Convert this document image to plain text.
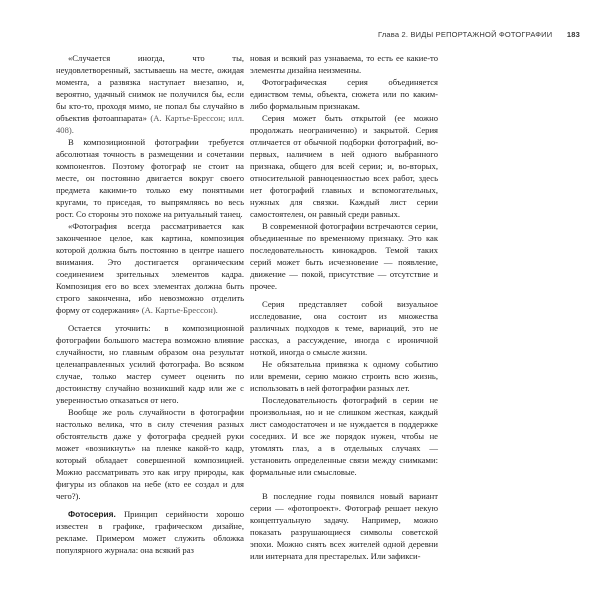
Глава 2. ВИДЫ РЕПОРТАЖНОЙ ФОТОГРАФИИ 183

«Случается иногда, что ты, неудовлетворенный, застываешь на месте, ожидая момента, а развязка наступает внезапно, и, вероятно, удачный снимок не получился бы, если бы кто-то, проходя мимо, не попал бы случайно в объектив фотоаппарата» (А. Картье-Брессон; илл. 408).

В композиционной фотографии требуется абсолютная точность в размещении и сочетании компонентов. Поэтому фотограф не стоит на месте, он постоянно двигается вокруг своего предмета какими-то только ему понятными кругами, то приседая, то выпрямляясь во весь рост. Со стороны это похоже на ритуальный танец.

«Фотография всегда рассматривается как законченное целое, как картина, композиция которой должна быть постоянно в центре нашего внимания. Это достигается органическим соединением зрительных элементов кадра. Композиция его во всех элементах должна быть строго законченна, ибо невозможно отделить форму от содержания» (А. Картье-Брессон).

Остается уточнить: в композиционной фотографии большого мастера возможно влияние случайности, но главным образом она результат целенаправленных усилий фотографа. Во всяком случае, только мастер сумеет оценить по достоинству случайно возникший кадр или же с уверенностью отказаться от него.

Вообще же роль случайности в фотографии настолько велика, что в силу стечения разных обстоятельств даже у фотографа средней руки может «возникнуть» на пленке какой-то кадр, который обладает совершенной композицией. Можно рассматривать это как игру природы, как фигуры из облаков на небе (кто ее создал и для чего?).

Фотосерия. Принцип серийности хорошо известен в графике, графическом дизайне, рекламе. Примером может служить обложка популярного журнала: она всякий раз

новая и всякий раз узнаваема, то есть ее какие-то элементы дизайна неизменны.

Фотографическая серия объединяется единством темы, объекта, сюжета или по каким-либо формальным признакам.

Серия может быть открытой (ее можно продолжать неограниченно) и закрытой. Серия отличается от обычной подборки фотографий, во-первых, наличием в ней одного выбранного признака, общего для всей серии; и, во-вторых, относительной равноценностью всех работ, здесь нет фотографий главных и вспомогательных, нужных для связки. Каждый лист серии самостоятелен, он равный среди равных.

В современной фотографии встречаются серии, объединенные по временному признаку. Это как последовательность кинокадров. Темой таких серий может быть исчезновение — появление, движение — покой, присутствие — отсутствие и прочее.

Серия представляет собой визуальное исследование, она состоит из множества различных подходов к теме, вариаций, это не рассказ, а рассуждение, иногда с ироничной ноткой, иногда о смысле жизни.

Не обязательна привязка к одному событию или времени, серию можно строить всю жизнь, использовать в ней фотографии разных лет.

Последовательность фотографий в серии не произвольная, но и не слишком жесткая, каждый лист самодостаточен и не нуждается в поддержке соседних. И все же порядок нужен, чтобы не утомлять глаз, а в отдельных случаях — установить определенные связи между снимками: формальные или смысловые.

В последние годы появился новый вариант серии — «фотопроект». Фотограф решает некую концептуальную задачу. Например, можно показать разрушающиеся символы советской эпохи. Можно снять всех жителей одной деревни или интерната для престарелых. Или зафикси-
